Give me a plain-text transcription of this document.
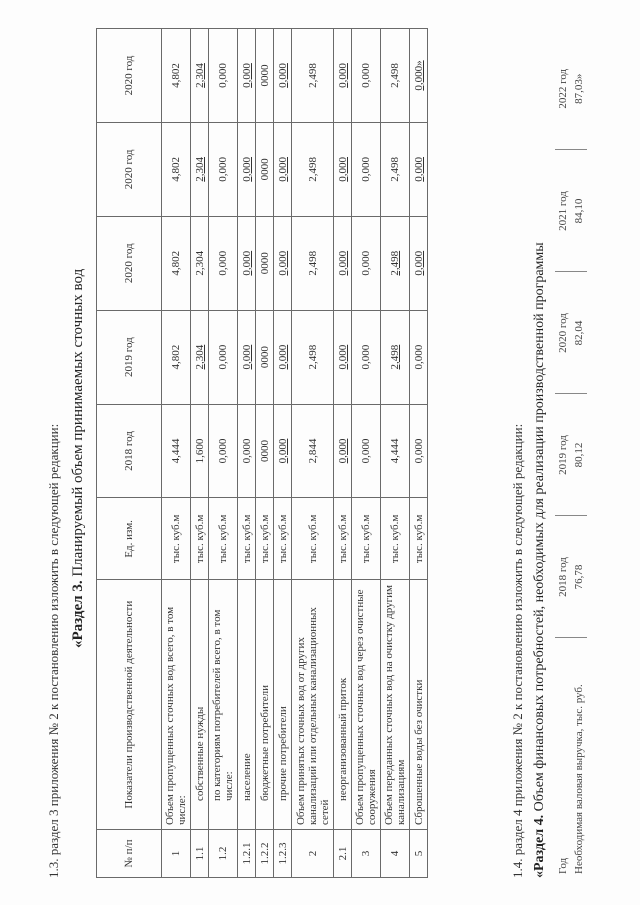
1.3. раздел 3 приложения № 2 к постановлению изложить в следующей редакции: «Раздел 3. Планируемый объем принимаемых сточных вод
№ п/п	Показатели производственной деятельности	Ед. изм.	2018 год	2019 год	2020 год	2020 год	2020 год
1	Объем пропущенных сточных вод всего, в том числе:	тыс. куб.м	4,444	4,802	4,802	4,802	4,802
1.1	собственные нужды	тыс. куб.м	1,600	2,304	2,304	2,304	2,304
1.2	по категориям потребителей всего, в том числе:	тыс. куб.м	0,000	0,000	0,000	0,000	0,000
1.2.1	население	тыс. куб.м	0,000	0,000	0,000	0,000	0,000
1.2.2	бюджетные потребители	тыс. куб.м	0000	0000	0000	0000	0000
1.2.3	прочие потребители	тыс. куб.м	0,000	0,000	0,000	0,000	0,000
2	Объем принятых сточных вод от других канализаций или отдельных канализационных сетей	тыс. куб.м	2,844	2,498	2,498	2,498	2,498
2.1	неорганизованный приток	тыс. куб.м	0,000	0,000	0,000	0,000	0,000
3	Объем пропущенных сточных вод через очистные сооружения	тыс. куб.м	0,000	0,000	0,000	0,000	0,000
4	Объем переданных сточных вод на очистку другим канализациям	тыс. куб.м	4,444	2,498	2,498	2,498	2,498
5	Сброшенные воды без очистки	тыс. куб.м	0,000	0,000	0,000	0,000	0,000»
1.4. раздел 4 приложения № 2 к постановлению изложить в следующей редакции: «Раздел 4. Объем финансовых потребностей, необходимых для реализации производственной программы
Год	2018 год	2019 год	2020 год	2021 год	2022 год
Необходимая валовая выручка, тыс. руб.	76,78	80,12	82,04	84,10	87,03»
